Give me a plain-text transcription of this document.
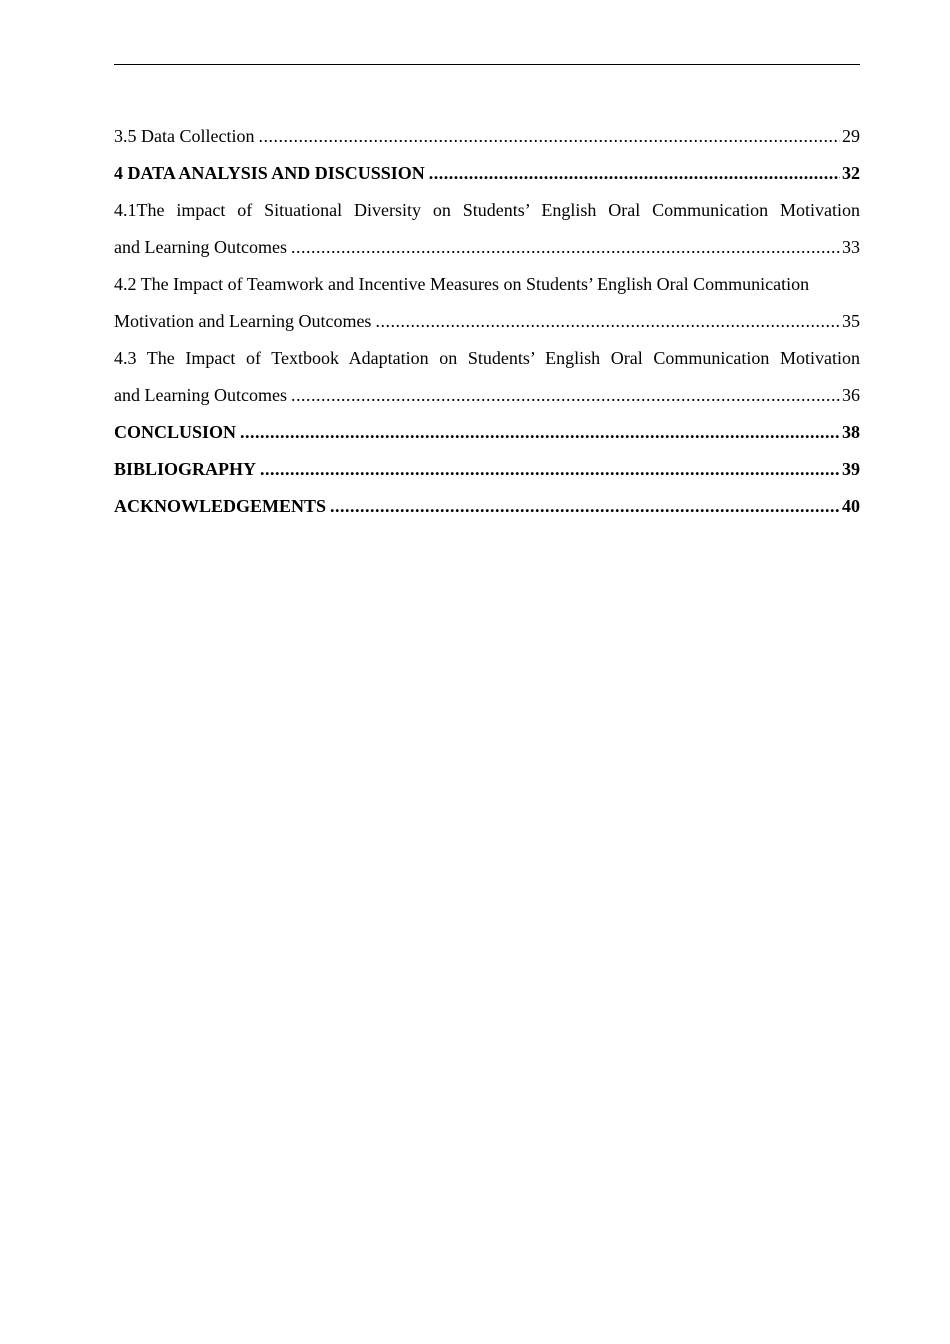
3.5 Data Collection .....	29
4 DATA ANALYSIS AND DISCUSSION .....	32
4.1The impact of Situational Diversity on Students’ English Oral Communication Motivation
and Learning Outcomes .....	33
4.2 The Impact of Teamwork and Incentive Measures on Students’ English Oral Communication
Motivation and Learning Outcomes .....	35
4.3 The Impact of Textbook Adaptation on Students’ English Oral Communication Motivation
and Learning Outcomes .....	36
CONCLUSION .....	38
BIBLIOGRAPHY .....	39
ACKNOWLEDGEMENTS .....	40
